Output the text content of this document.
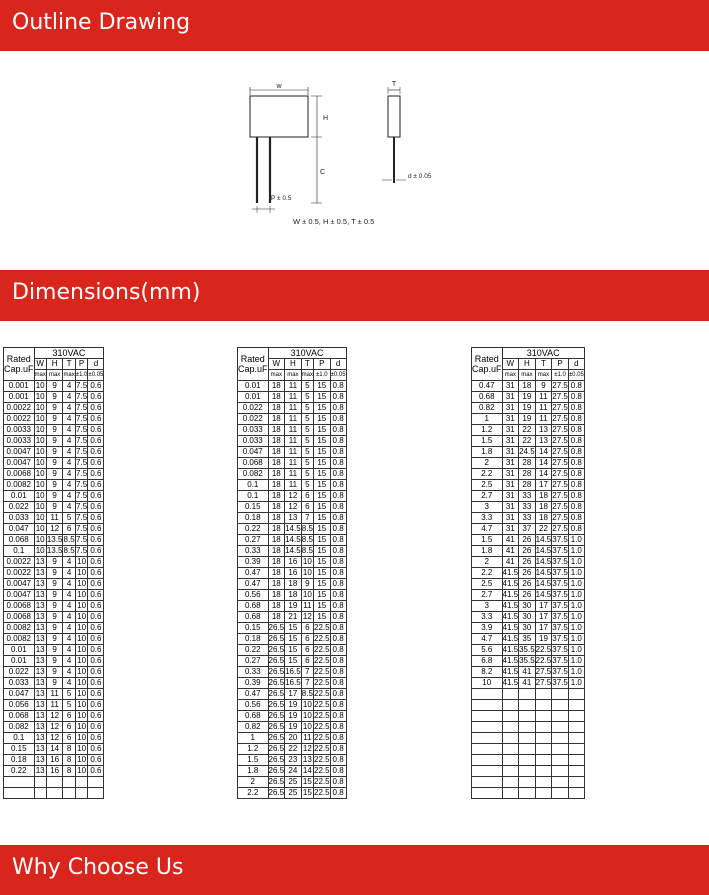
Outline Drawing
w
H
C
P ± 0.5
T
d ± 0.05
W ± 0.5, H ± 0.5, T ± 0.5
Dimensions(mm)
Rated
Cap.uF	310VAC				
	W	H	T	P	d
	max	max	max	±1.0	±0.05
0.001	10	9	4	7.5	0.6
0.001	10	9	4	7.5	0.6
0.0022	10	9	4	7.5	0.6
0.0022	10	9	4	7.5	0.6
0.0033	10	9	4	7.5	0.6
0.0033	10	9	4	7.5	0.6
0.0047	10	9	4	7.5	0.6
0.0047	10	9	4	7.5	0.6
0.0068	10	9	4	7.5	0.6
0.0082	10	9	4	7.5	0.6
0.01	10	9	4	7.5	0.6
0.022	10	9	4	7.5	0.6
0.033	10	11	5	7.5	0.6
0.047	10	12	6	7.5	0.6
0.068	10	13.5	8.5	7.5	0.6
0.1	10	13.5	8.5	7.5	0.6
0.0022	13	9	4	10	0.6
0.0022	13	9	4	10	0.6
0.0047	13	9	4	10	0.6
0.0047	13	9	4	10	0.6
0.0068	13	9	4	10	0.6
0.0068	13	9	4	10	0.6
0.0082	13	9	4	10	0.6
0.0082	13	9	4	10	0.6
0.01	13	9	4	10	0.6
0.01	13	9	4	10	0.6
0.022	13	9	4	10	0.6
0.033	13	9	4	10	0.6
0.047	13	11	5	10	0.6
0.056	13	11	5	10	0.6
0.068	13	12	6	10	0.6
0.082	13	12	6	10	0.6
0.1	13	12	6	10	0.6
0.15	13	14	8	10	0.6
0.18	13	16	8	10	0.6
0.22	13	16	8	10	0.6

Rated
Cap.uF	310VAC				
	W	H	T	P	d
	max	max	max	±1.0	±0.05
0.01	18	11	5	15	0.8
0.01	18	11	5	15	0.8
0.022	18	11	5	15	0.8
0.022	18	11	5	15	0.8
0.033	18	11	5	15	0.8
0.033	18	11	5	15	0.8
0.047	18	11	5	15	0.8
0.068	18	11	5	15	0.8
0.082	18	11	5	15	0.8
0.1	18	11	5	15	0.8
0.1	18	12	6	15	0.8
0.15	18	12	6	15	0.8
0.18	18	13	7	15	0.8
0.22	18	14.5	8.5	15	0.8
0.27	18	14.5	8.5	15	0.8
0.33	18	14.5	8.5	15	0.8
0.39	18	16	10	15	0.8
0.47	18	16	10	15	0.8
0.47	18	18	9	15	0.8
0.56	18	18	10	15	0.8
0.68	18	19	11	15	0.8
0.68	18	21	12	15	0.8
0.15	26.5	15	6	22.5	0.8
0.18	26.5	15	6	22.5	0.8
0.22	26.5	15	6	22.5	0.8
0.27	26.5	15	6	22.5	0.8
0.33	26.5	16.5	7	22.5	0.8
0.39	26.5	16.5	7	22.5	0.8
0.47	26.5	17	8.5	22.5	0.8
0.56	26.5	19	10	22.5	0.8
0.68	26.5	19	10	22.5	0.8
0.82	26.5	19	10	22.5	0.8
1	26.5	20	11	22.5	0.8
1.2	26.5	22	12	22.5	0.8
1.5	26.5	23	13	22.5	0.8
1.8	26.5	24	14	22.5	0.8
2	26.5	25	15	22.5	0.8
2.2	26.5	25	15	22.5	0.8
Rated
Cap.uF	310VAC				
	W	H	T	P	d
	max	max	max	±1.0	±0.05
0.47	31	18	9	27.5	0.8
0.68	31	19	11	27.5	0.8
0.82	31	19	11	27.5	0.8
1	31	19	11	27.5	0.8
1.2	31	22	13	27.5	0.8
1.5	31	22	13	27.5	0.8
1.8	31	24.5	14	27.5	0.8
2	31	28	14	27.5	0.8
2.2	31	28	14	27.5	0.8
2.5	31	28	17	27.5	0.8
2.7	31	33	18	27.5	0.8
3	31	33	18	27.5	0.8
3.3	31	33	18	27.5	0.8
4.7	31	37	22	27.5	0.8
1.5	41	26	14.5	37.5	1.0
1.8	41	26	14.5	37.5	1.0
2	41	26	14.5	37.5	1.0
2.2	41.5	26	14.5	37.5	1.0
2.5	41.5	26	14.5	37.5	1.0
2.7	41.5	26	14.5	37.5	1.0
3	41.5	30	17	37.5	1.0
3.3	41.5	30	17	37.5	1.0
3.9	41.5	30	17	37.5	1.0
4.7	41.5	35	19	37.5	1.0
5.6	41.5	35.5	22.5	37.5	1.0
6.8	41.5	35.5	22.5	37.5	1.0
8.2	41.5	41	27.5	37.5	1.0
10	41.5	41	27.5	37.5	1.0

Why Choose Us
